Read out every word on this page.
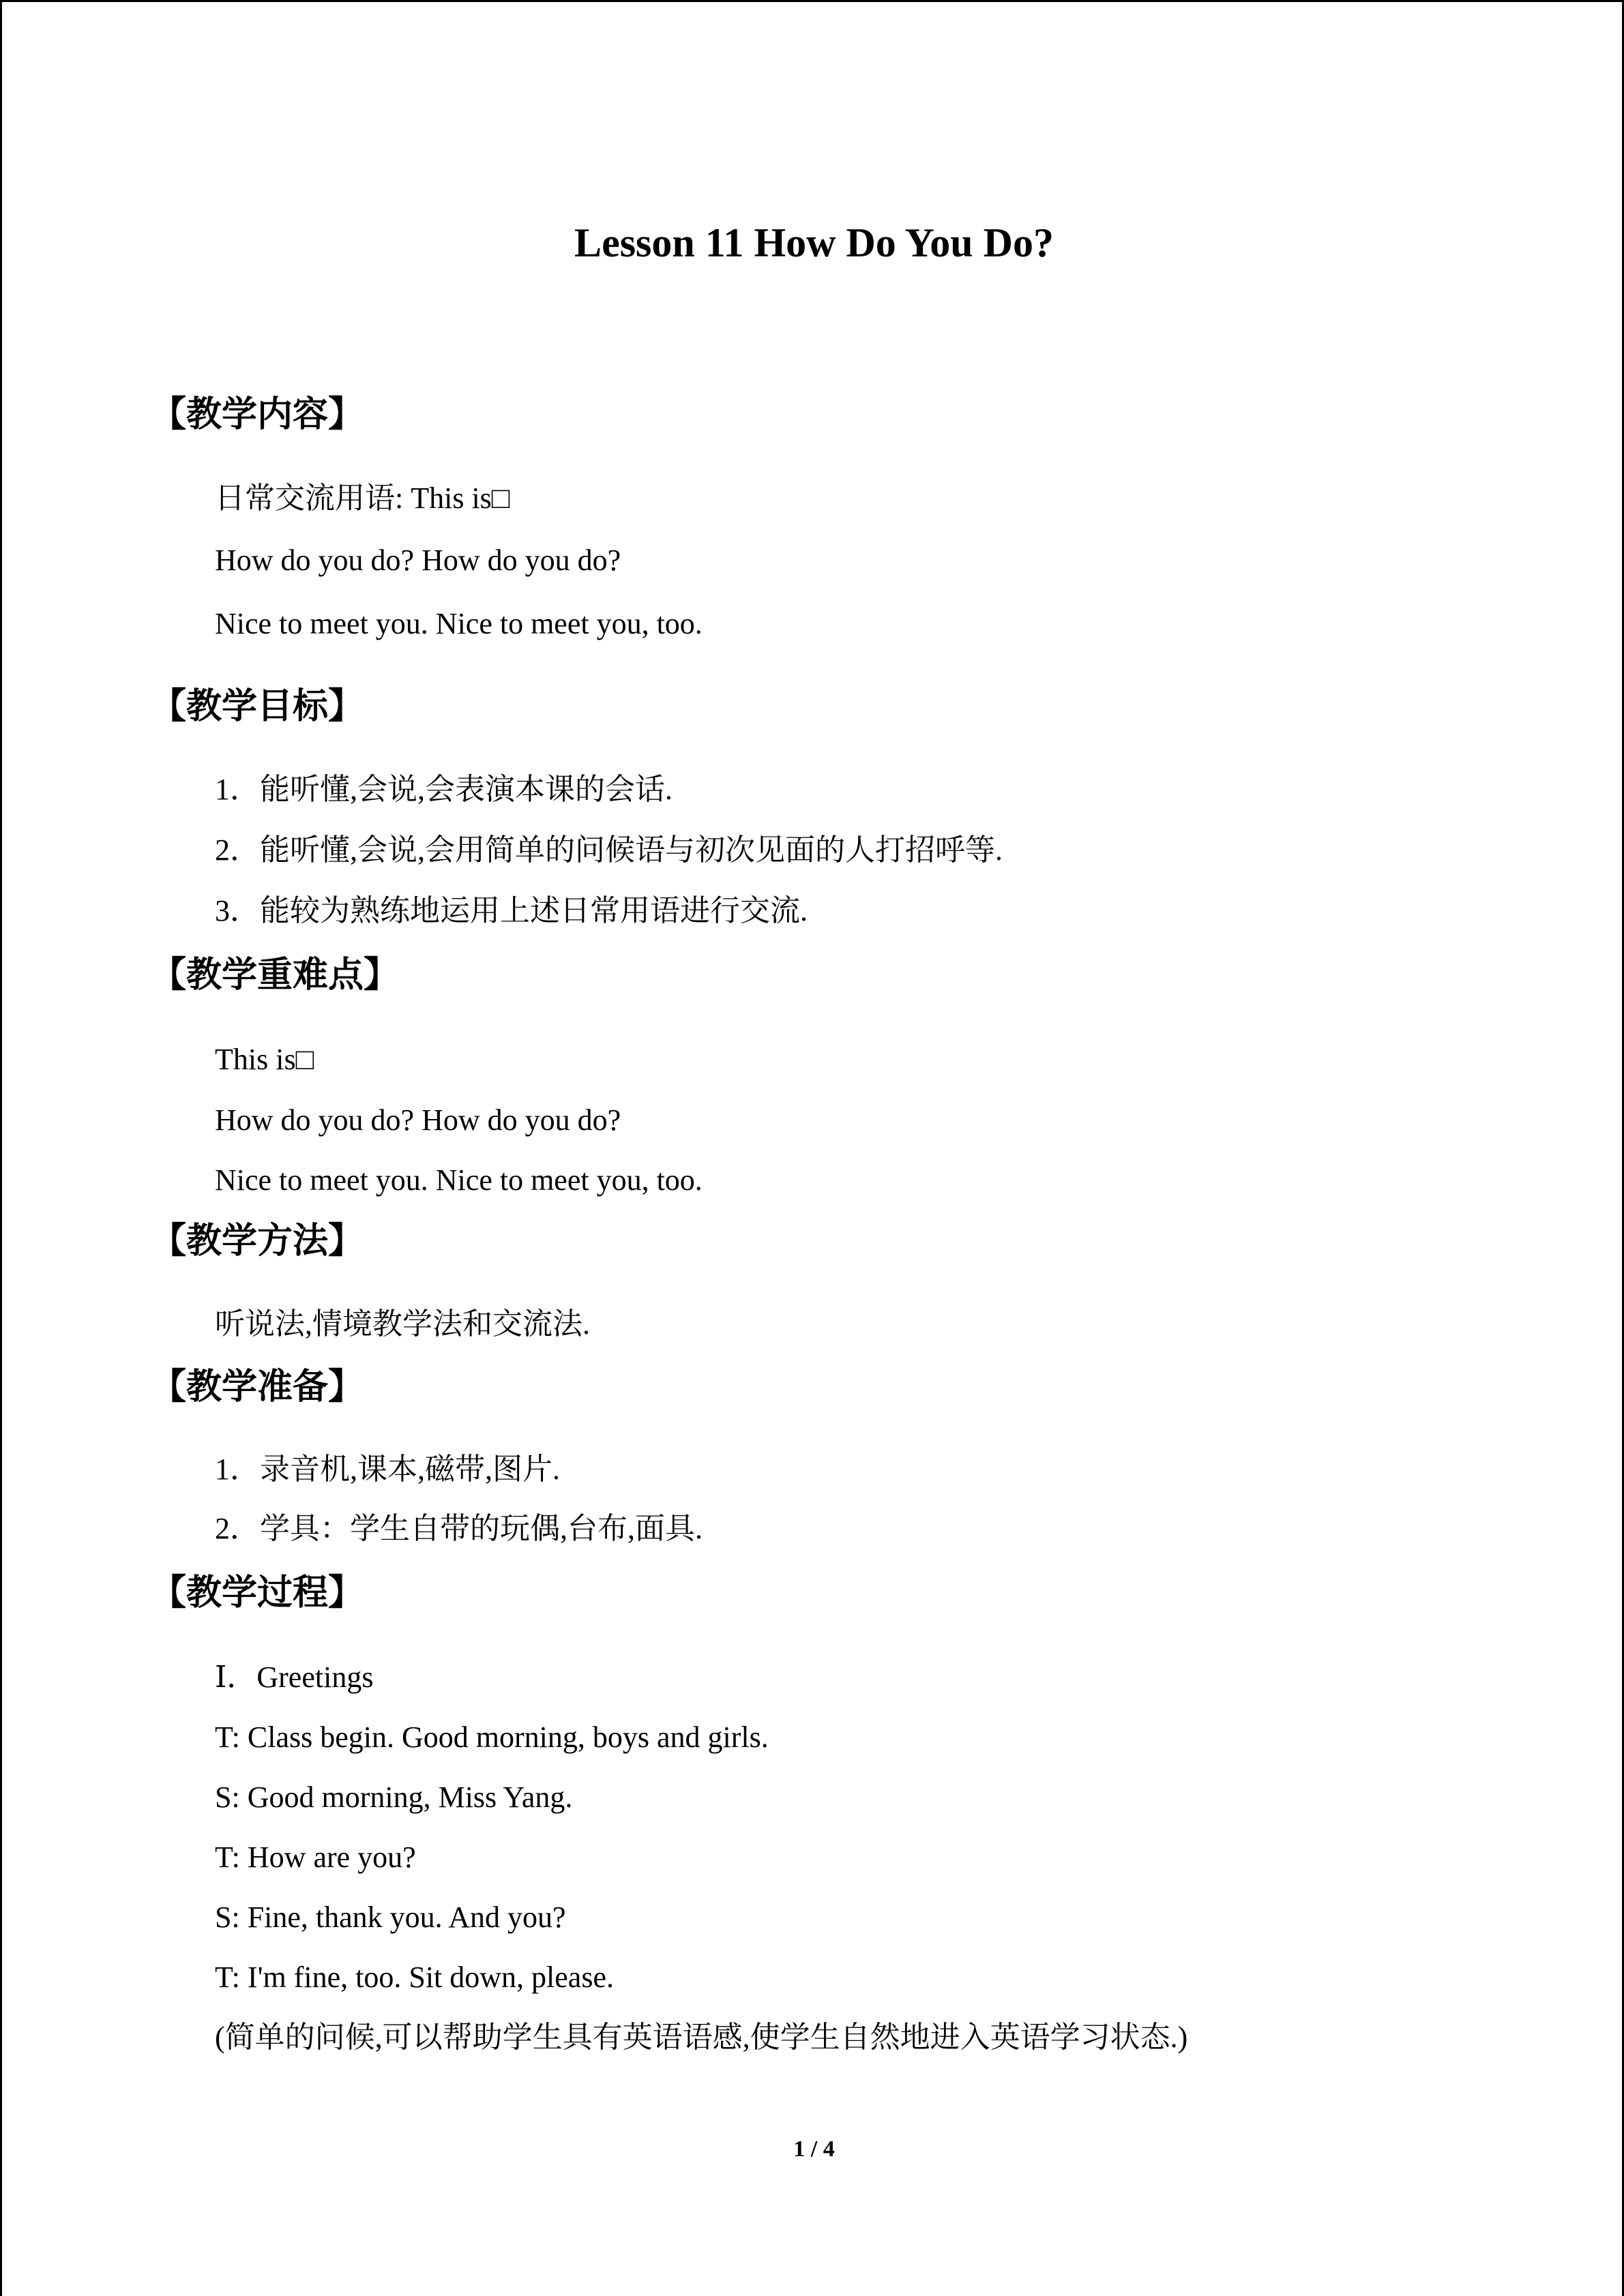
Lesson 11 How Do You Do?
【教学内容】
日常交流用语: This is□
How do you do? How do you do?
Nice to meet you. Nice to meet you, too.
【教学目标】
1．能听懂,会说,会表演本课的会话.
2．能听懂,会说,会用简单的问候语与初次见面的人打招呼等.
3．能较为熟练地运用上述日常用语进行交流.
【教学重难点】
This is□
How do you do? How do you do?
Nice to meet you. Nice to meet you, too.
【教学方法】
听说法,情境教学法和交流法.
【教学准备】
1．录音机,课本,磁带,图片.
2．学具：学生自带的玩偶,台布,面具.
【教学过程】
Ⅰ．Greetings
T: Class begin. Good morning, boys and girls.
S: Good morning, Miss Yang.
T: How are you?
S: Fine, thank you. And you?
T: I'm fine, too. Sit down, please.
(简单的问候,可以帮助学生具有英语语感,使学生自然地进入英语学习状态.)
1 / 4
